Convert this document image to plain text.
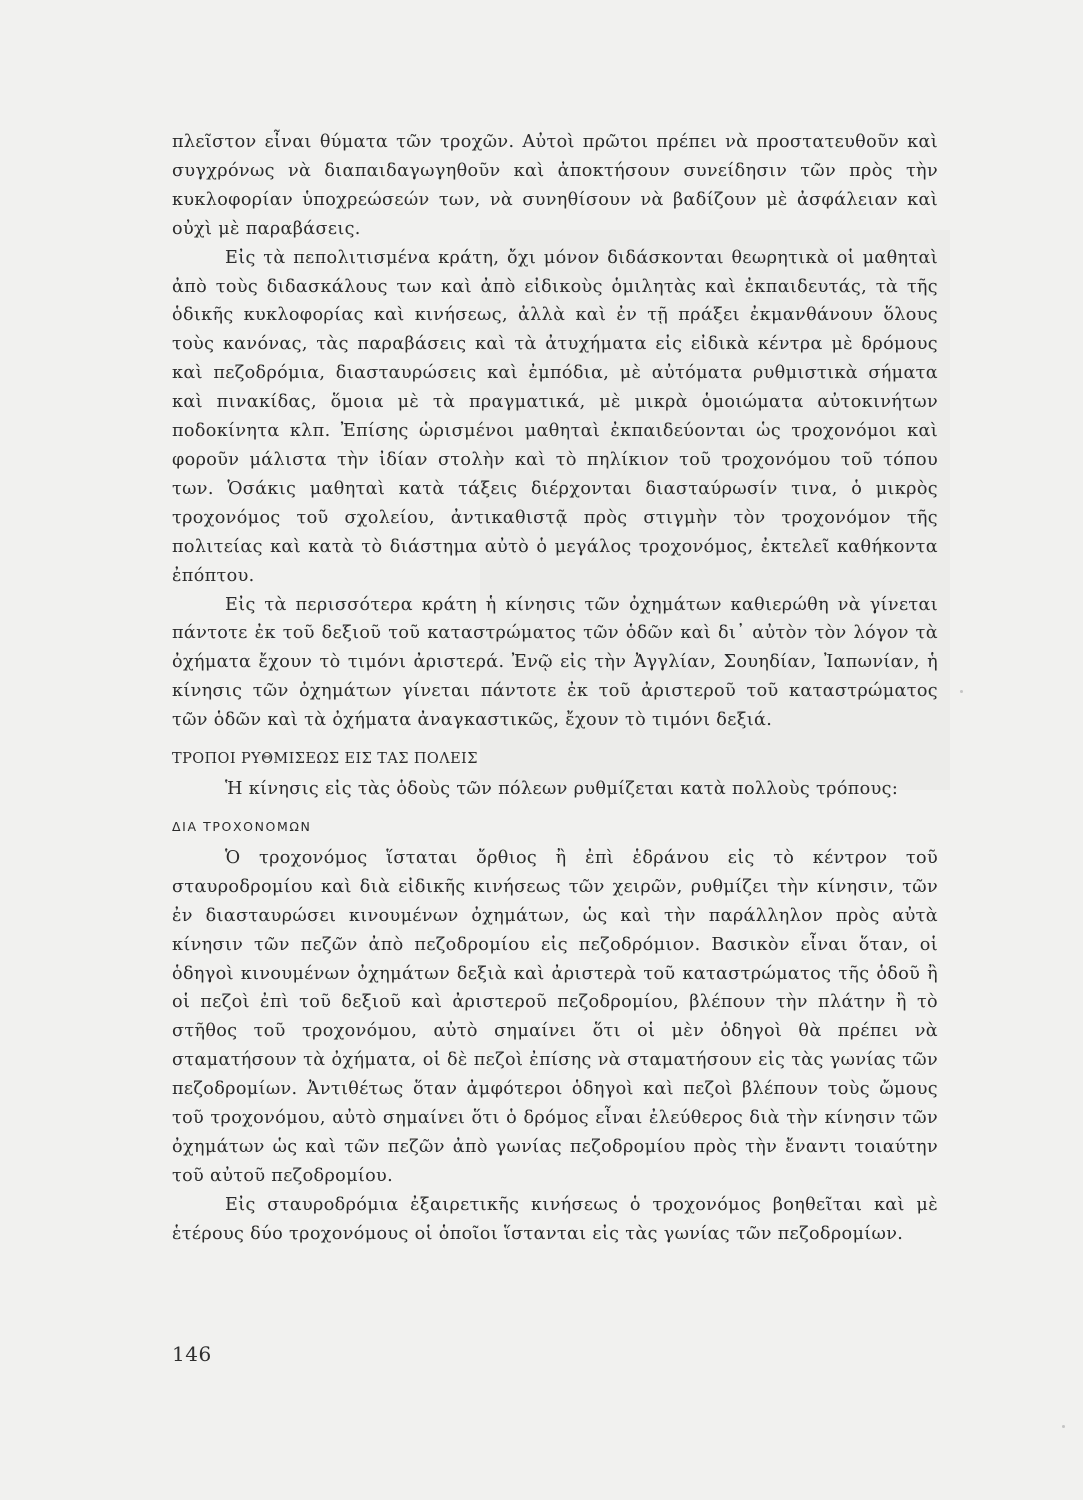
πλεῖστον εἶναι θύματα τῶν τροχῶν. Αὐτοὶ πρῶτοι πρέπει νὰ προστατευθοῦν καὶ συγχρόνως νὰ διαπαιδαγωγηθοῦν καὶ ἀποκτήσουν συνείδησιν τῶν πρὸς τὴν κυκλοφορίαν ὑποχρεώσεών των, νὰ συνηθίσουν νὰ βαδίζουν μὲ ἀσφάλειαν καὶ οὐχὶ μὲ παραβάσεις.

Εἰς τὰ πεπολιτισμένα κράτη, ὄχι μόνον διδάσκονται θεωρητικὰ οἱ μαθηταὶ ἀπὸ τοὺς διδασκάλους των καὶ ἀπὸ εἰδικοὺς ὁμιλητὰς καὶ ἐκπαιδευτάς, τὰ τῆς ὁδικῆς κυκλοφορίας καὶ κινήσεως, ἀλλὰ καὶ ἐν τῇ πράξει ἐκμανθάνουν ὅλους τοὺς κανόνας, τὰς παραβάσεις καὶ τὰ ἀτυχήματα εἰς εἰδικὰ κέντρα μὲ δρόμους καὶ πεζοδρόμια, διασταυρώσεις καὶ ἐμπόδια, μὲ αὐτόματα ρυθμιστικὰ σήματα καὶ πινακίδας, ὅμοια μὲ τὰ πραγματικά, μὲ μικρὰ ὁμοιώματα αὐτοκινήτων ποδοκίνητα κλπ. Ἐπίσης ὡρισμένοι μαθηταὶ ἐκπαιδεύονται ὡς τροχονόμοι καὶ φοροῦν μάλιστα τὴν ἰδίαν στολὴν καὶ τὸ πηλίκιον τοῦ τροχονόμου τοῦ τόπου των. Ὁσάκις μαθηταὶ κατὰ τάξεις διέρχονται διασταύρωσίν τινα, ὁ μικρὸς τροχονόμος τοῦ σχολείου, ἀντικαθιστᾷ πρὸς στιγμὴν τὸν τροχονόμον τῆς πολιτείας καὶ κατὰ τὸ διάστημα αὐτὸ ὁ μεγάλος τροχονόμος, ἐκτελεῖ καθήκοντα ἐπόπτου.

Εἰς τὰ περισσότερα κράτη ἡ κίνησις τῶν ὀχημάτων καθιερώθη νὰ γίνεται πάντοτε ἐκ τοῦ δεξιοῦ τοῦ καταστρώματος τῶν ὁδῶν καὶ δι᾽ αὐτὸν τὸν λόγον τὰ ὀχήματα ἔχουν τὸ τιμόνι ἀριστερά. Ἐνῷ εἰς τὴν Ἀγγλίαν, Σουηδίαν, Ἰαπωνίαν, ἡ κίνησις τῶν ὀχημάτων γίνεται πάντοτε ἐκ τοῦ ἀριστεροῦ τοῦ καταστρώματος τῶν ὁδῶν καὶ τὰ ὀχήματα ἀναγκαστικῶς, ἔχουν τὸ τιμόνι δεξιά.

ΤΡΟΠΟΙ ΡΥΘΜΙΣΕΩΣ ΕΙΣ ΤΑΣ ΠΟΛΕΙΣ

Ἡ κίνησις εἰς τὰς ὁδοὺς τῶν πόλεων ρυθμίζεται κατὰ πολλοὺς τρόπους:

ΔΙΑ ΤΡΟΧΟΝΟΜΩΝ

Ὁ τροχονόμος ἵσταται ὄρθιος ἢ ἐπὶ ἑδράνου εἰς τὸ κέντρον τοῦ σταυροδρομίου καὶ διὰ εἰδικῆς κινήσεως τῶν χειρῶν, ρυθμίζει τὴν κίνησιν, τῶν ἐν διασταυρώσει κινουμένων ὀχημάτων, ὡς καὶ τὴν παράλληλον πρὸς αὐτὰ κίνησιν τῶν πεζῶν ἀπὸ πεζοδρομίου εἰς πεζοδρόμιον. Βασικὸν εἶναι ὅταν, οἱ ὁδηγοὶ κινουμένων ὀχημάτων δεξιὰ καὶ ἀριστερὰ τοῦ καταστρώματος τῆς ὁδοῦ ἢ οἱ πεζοὶ ἐπὶ τοῦ δεξιοῦ καὶ ἀριστεροῦ πεζοδρομίου, βλέπουν τὴν πλάτην ἢ τὸ στῆθος τοῦ τροχονόμου, αὐτὸ σημαίνει ὅτι οἱ μὲν ὁδηγοὶ θὰ πρέπει νὰ σταματήσουν τὰ ὀχήματα, οἱ δὲ πεζοὶ ἐπίσης νὰ σταματήσουν εἰς τὰς γωνίας τῶν πεζοδρομίων. Ἀντιθέτως ὅταν ἀμφότεροι ὁδηγοὶ καὶ πεζοὶ βλέπουν τοὺς ὤμους τοῦ τροχονόμου, αὐτὸ σημαίνει ὅτι ὁ δρόμος εἶναι ἐλεύθερος διὰ τὴν κίνησιν τῶν ὀχημάτων ὡς καὶ τῶν πεζῶν ἀπὸ γωνίας πεζοδρομίου πρὸς τὴν ἔναντι τοιαύτην τοῦ αὐτοῦ πεζοδρομίου.

Εἰς σταυροδρόμια ἐξαιρετικῆς κινήσεως ὁ τροχονόμος βοηθεῖται καὶ μὲ ἑτέρους δύο τροχονόμους οἱ ὁποῖοι ἵστανται εἰς τὰς γωνίας τῶν πεζοδρομίων.

146
